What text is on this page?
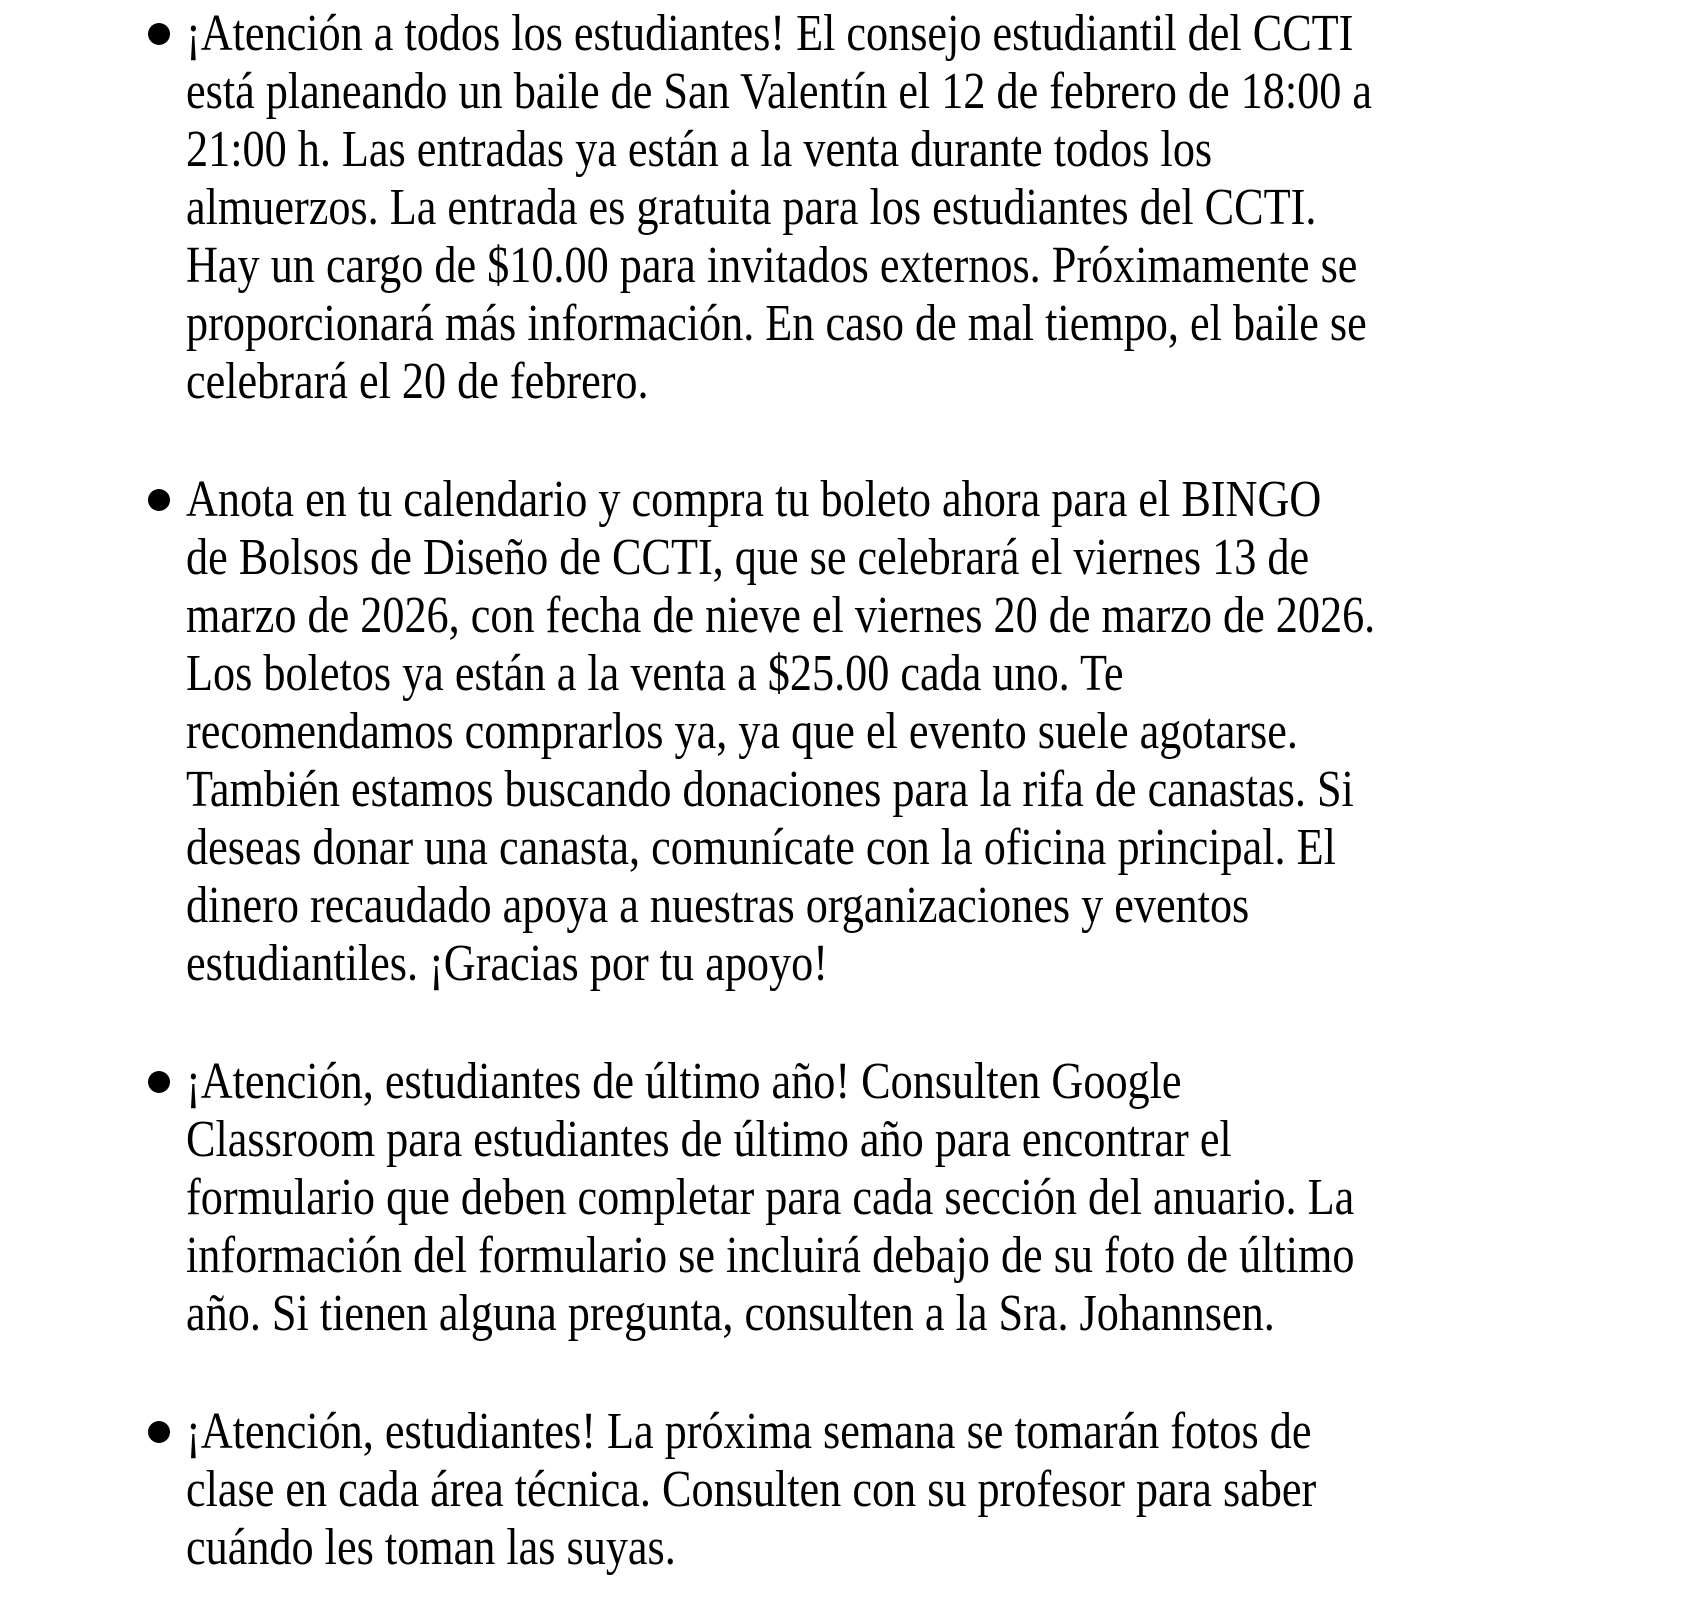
¡Atención a todos los estudiantes! El consejo estudiantil del CCTI
está planeando un baile de San Valentín el 12 de febrero de 18:00 a
21:00 h. Las entradas ya están a la venta durante todos los
almuerzos. La entrada es gratuita para los estudiantes del CCTI.
Hay un cargo de $10.00 para invitados externos. Próximamente se
proporcionará más información. En caso de mal tiempo, el baile se
celebrará el 20 de febrero.
Anota en tu calendario y compra tu boleto ahora para el BINGO
de Bolsos de Diseño de CCTI, que se celebrará el viernes 13 de
marzo de 2026, con fecha de nieve el viernes 20 de marzo de 2026.
Los boletos ya están a la venta a $25.00 cada uno. Te
recomendamos comprarlos ya, ya que el evento suele agotarse.
También estamos buscando donaciones para la rifa de canastas. Si
deseas donar una canasta, comunícate con la oficina principal. El
dinero recaudado apoya a nuestras organizaciones y eventos
estudiantiles. ¡Gracias por tu apoyo!
¡Atención, estudiantes de último año! Consulten Google
Classroom para estudiantes de último año para encontrar el
formulario que deben completar para cada sección del anuario. La
información del formulario se incluirá debajo de su foto de último
año. Si tienen alguna pregunta, consulten a la Sra. Johannsen.
¡Atención, estudiantes! La próxima semana se tomarán fotos de
clase en cada área técnica. Consulten con su profesor para saber
cuándo les toman las suyas.
